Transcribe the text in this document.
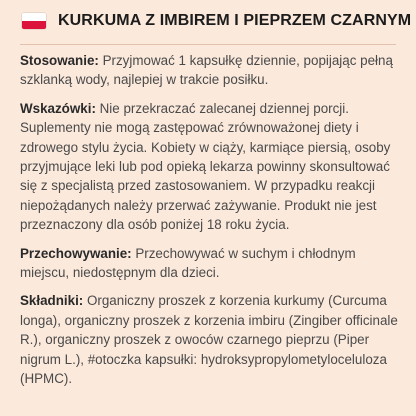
KURKUMA Z IMBIREM I PIEPRZEM CZARNYM

Stosowanie: Przyjmować 1 kapsułkę dziennie, popijając pełną szklanką wody, najlepiej w trakcie posiłku.

Wskazówki: Nie przekraczać zalecanej dziennej porcji. Suplementy nie mogą zastępować zrównoważonej diety i zdrowego stylu życia. Kobiety w ciąży, karmiące piersią, osoby przyjmujące leki lub pod opieką lekarza powinny skonsultować się z specjalistą przed zastosowaniem. W przypadku reakcji niepożądanych należy przerwać zażywanie. Produkt nie jest przeznaczony dla osób poniżej 18 roku życia.

Przechowywanie: Przechowywać w suchym i chłodnym miejscu, niedostępnym dla dzieci.

Składniki: Organiczny proszek z korzenia kurkumy (Curcuma longa), organiczny proszek z korzenia imbiru (Zingiber officinale R.), organiczny proszek z owoców czarnego pieprzu (Piper nigrum L.), #otoczka kapsułki: hydroksypropylometyloceluloza (HPMC).
